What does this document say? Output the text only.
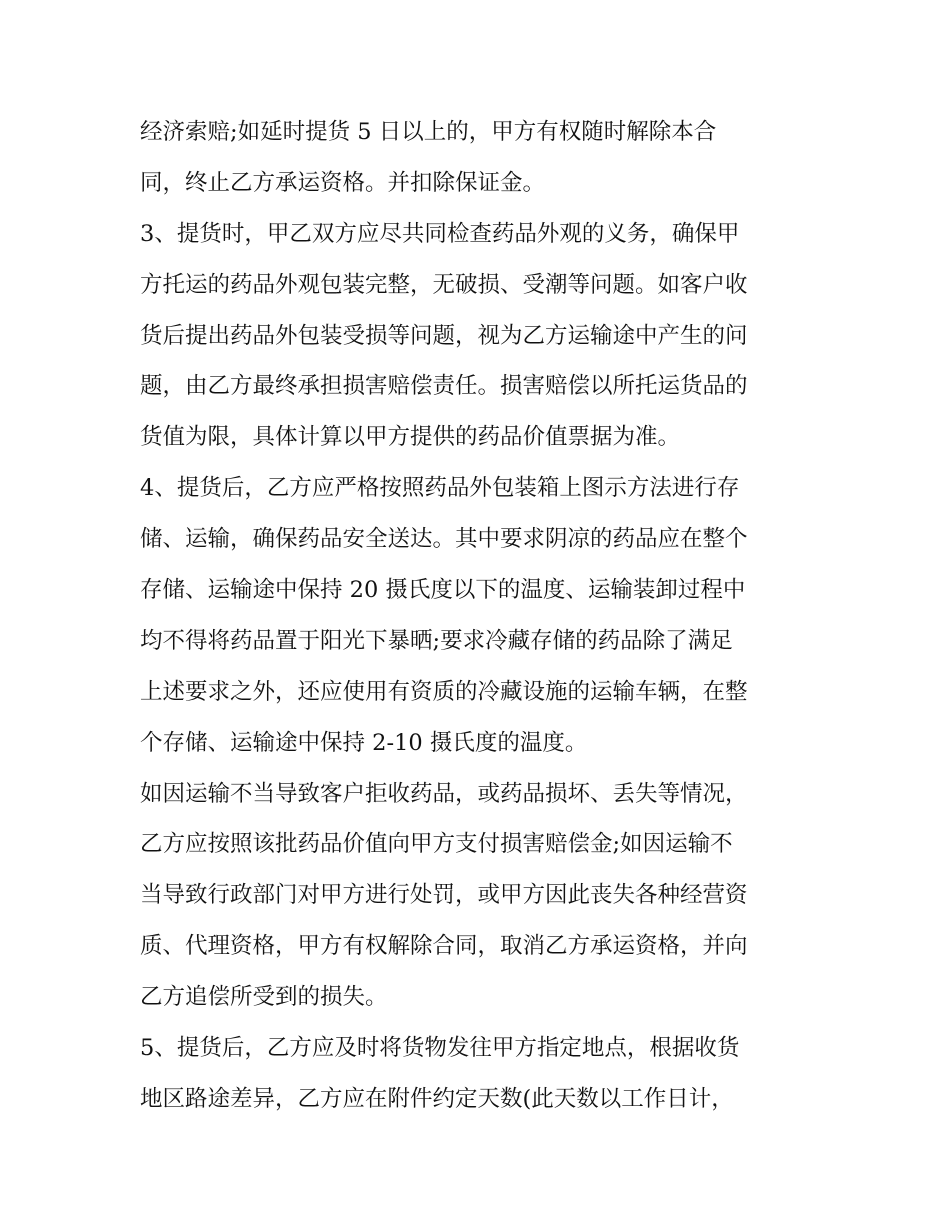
经济索赔;如延时提货 5 日以上的，甲方有权随时解除本合
同，终止乙方承运资格。并扣除保证金。
3、提货时，甲乙双方应尽共同检查药品外观的义务，确保甲
方托运的药品外观包装完整，无破损、受潮等问题。如客户收
货后提出药品外包装受损等问题，视为乙方运输途中产生的问
题，由乙方最终承担损害赔偿责任。损害赔偿以所托运货品的
货值为限，具体计算以甲方提供的药品价值票据为准。
4、提货后，乙方应严格按照药品外包装箱上图示方法进行存
储、运输，确保药品安全送达。其中要求阴凉的药品应在整个
存储、运输途中保持 20 摄氏度以下的温度、运输装卸过程中
均不得将药品置于阳光下暴晒;要求冷藏存储的药品除了满足
上述要求之外，还应使用有资质的冷藏设施的运输车辆，在整
个存储、运输途中保持 2-10 摄氏度的温度。
如因运输不当导致客户拒收药品，或药品损坏、丢失等情况，
乙方应按照该批药品价值向甲方支付损害赔偿金;如因运输不
当导致行政部门对甲方进行处罚，或甲方因此丧失各种经营资
质、代理资格，甲方有权解除合同，取消乙方承运资格，并向
乙方追偿所受到的损失。
5、提货后，乙方应及时将货物发往甲方指定地点，根据收货
地区路途差异，乙方应在附件约定天数(此天数以工作日计，
